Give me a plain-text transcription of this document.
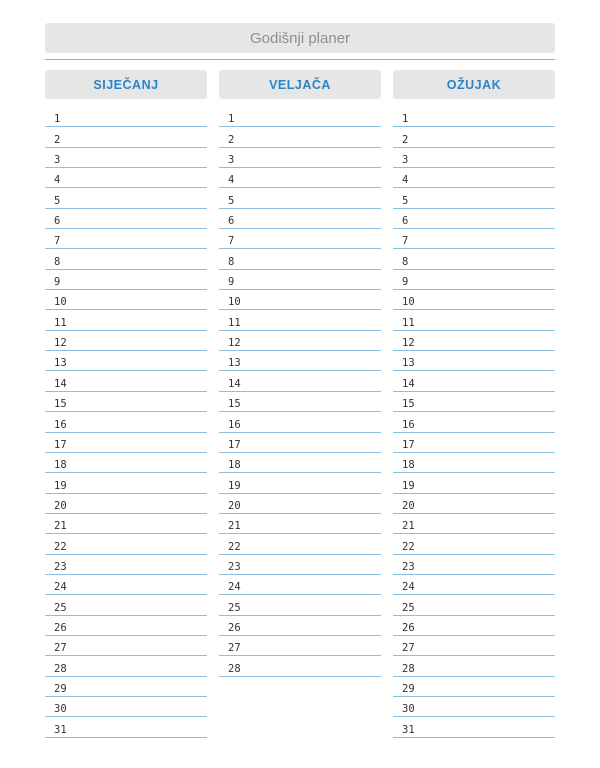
Godišnji planer
SIJEČANJ
1
2
3
4
5
6
7
8
9
10
11
12
13
14
15
16
17
18
19
20
21
22
23
24
25
26
27
28
29
30
31
VELJAČA
1
2
3
4
5
6
7
8
9
10
11
12
13
14
15
16
17
18
19
20
21
22
23
24
25
26
27
28
OŽUJAK
1
2
3
4
5
6
7
8
9
10
11
12
13
14
15
16
17
18
19
20
21
22
23
24
25
26
27
28
29
30
31
